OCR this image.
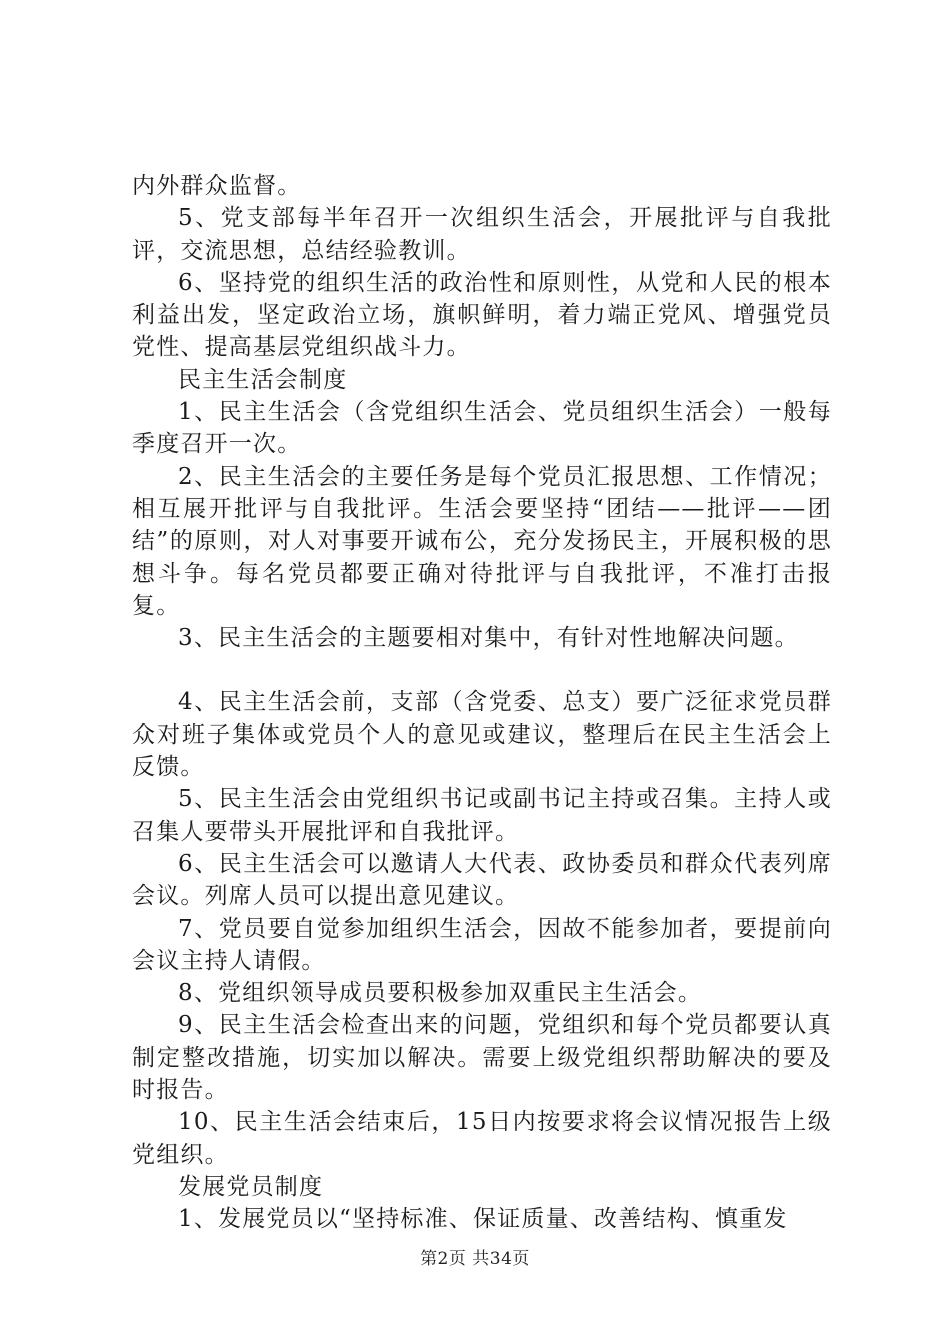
内外群众监督。

5、党支部每半年召开一次组织生活会，开展批评与自我批评，交流思想，总结经验教训。

6、坚持党的组织生活的政治性和原则性，从党和人民的根本利益出发，坚定政治立场，旗帜鲜明，着力端正党风、增强党员党性、提高基层党组织战斗力。

民主生活会制度

1、民主生活会（含党组织生活会、党员组织生活会）一般每季度召开一次。

2、民主生活会的主要任务是每个党员汇报思想、工作情况；相互展开批评与自我批评。生活会要坚持“团结——批评——团结”的原则，对人对事要开诚布公，充分发扬民主，开展积极的思想斗争。每名党员都要正确对待批评与自我批评，不准打击报复。

3、民主生活会的主题要相对集中，有针对性地解决问题。

4、民主生活会前，支部（含党委、总支）要广泛征求党员群众对班子集体或党员个人的意见或建议，整理后在民主生活会上反馈。

5、民主生活会由党组织书记或副书记主持或召集。主持人或召集人要带头开展批评和自我批评。

6、民主生活会可以邀请人大代表、政协委员和群众代表列席会议。列席人员可以提出意见建议。

7、党员要自觉参加组织生活会，因故不能参加者，要提前向会议主持人请假。

8、党组织领导成员要积极参加双重民主生活会。

9、民主生活会检查出来的问题，党组织和每个党员都要认真制定整改措施，切实加以解决。需要上级党组织帮助解决的要及时报告。

10、民主生活会结束后，15日内按要求将会议情况报告上级党组织。

发展党员制度

1、发展党员以“坚持标准、保证质量、改善结构、慎重发

第2页 共34页
